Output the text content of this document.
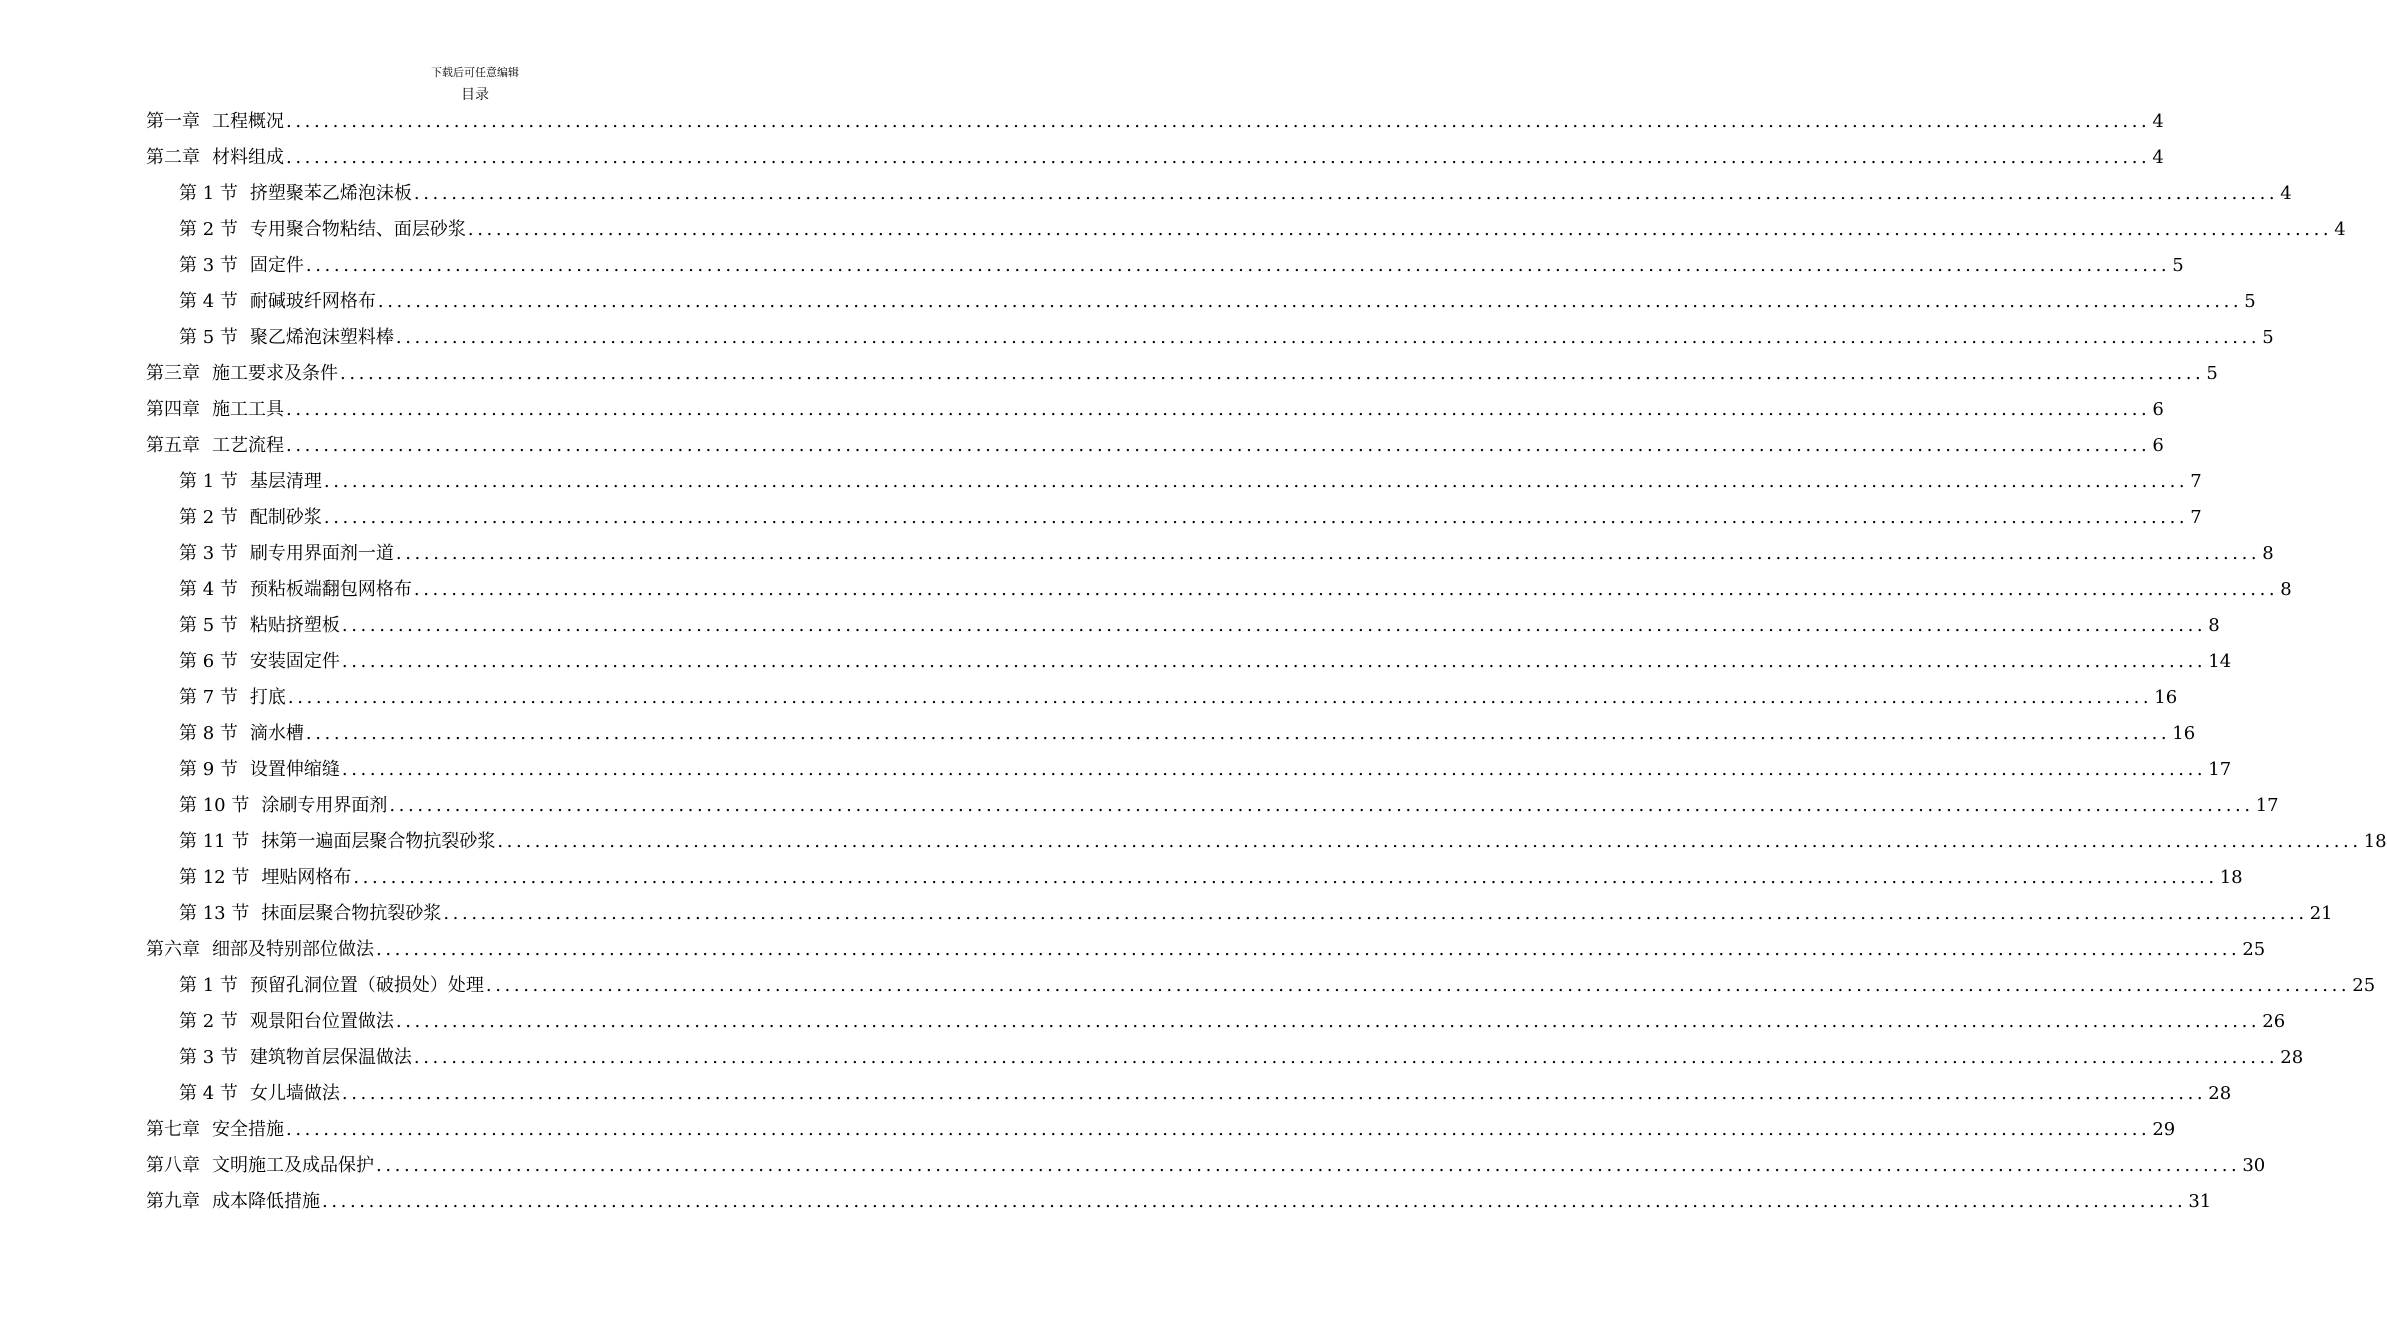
下载后可任意编辑
目录
第一章 工程概况 ........................................................................................................................................................................................................ 4
第二章 材料组成 ........................................................................................................................................................................................................ 4
第 1 节 挤塑聚苯乙烯泡沫板 ........................................................................................................................................................................................................ 4
第 2 节 专用聚合物粘结、面层砂浆 ........................................................................................................................................................................................................ 4
第 3 节 固定件 ........................................................................................................................................................................................................ 5
第 4 节 耐碱玻纤网格布 ........................................................................................................................................................................................................ 5
第 5 节 聚乙烯泡沫塑料棒 ........................................................................................................................................................................................................ 5
第三章 施工要求及条件 ........................................................................................................................................................................................................ 5
第四章 施工工具 ........................................................................................................................................................................................................ 6
第五章 工艺流程 ........................................................................................................................................................................................................ 6
第 1 节 基层清理 ........................................................................................................................................................................................................ 7
第 2 节 配制砂浆 ........................................................................................................................................................................................................ 7
第 3 节 刷专用界面剂一道 ........................................................................................................................................................................................................ 8
第 4 节 预粘板端翻包网格布 ........................................................................................................................................................................................................ 8
第 5 节 粘贴挤塑板 ........................................................................................................................................................................................................ 8
第 6 节 安装固定件 ........................................................................................................................................................................................................ 14
第 7 节 打底 ........................................................................................................................................................................................................ 16
第 8 节 滴水槽 ........................................................................................................................................................................................................ 16
第 9 节 设置伸缩缝 ........................................................................................................................................................................................................ 17
第 10 节 涂刷专用界面剂 ........................................................................................................................................................................................................ 17
第 11 节 抹第一遍面层聚合物抗裂砂浆 ........................................................................................................................................................................................................ 18
第 12 节 埋贴网格布 ........................................................................................................................................................................................................ 18
第 13 节 抹面层聚合物抗裂砂浆 ........................................................................................................................................................................................................ 21
第六章 细部及特别部位做法 ........................................................................................................................................................................................................ 25
第 1 节 预留孔洞位置（破损处）处理 ........................................................................................................................................................................................................ 25
第 2 节 观景阳台位置做法 ........................................................................................................................................................................................................ 26
第 3 节 建筑物首层保温做法 ........................................................................................................................................................................................................ 28
第 4 节 女儿墙做法 ........................................................................................................................................................................................................ 28
第七章 安全措施 ........................................................................................................................................................................................................ 29
第八章 文明施工及成品保护 ........................................................................................................................................................................................................ 30
第九章 成本降低措施 ........................................................................................................................................................................................................ 31
